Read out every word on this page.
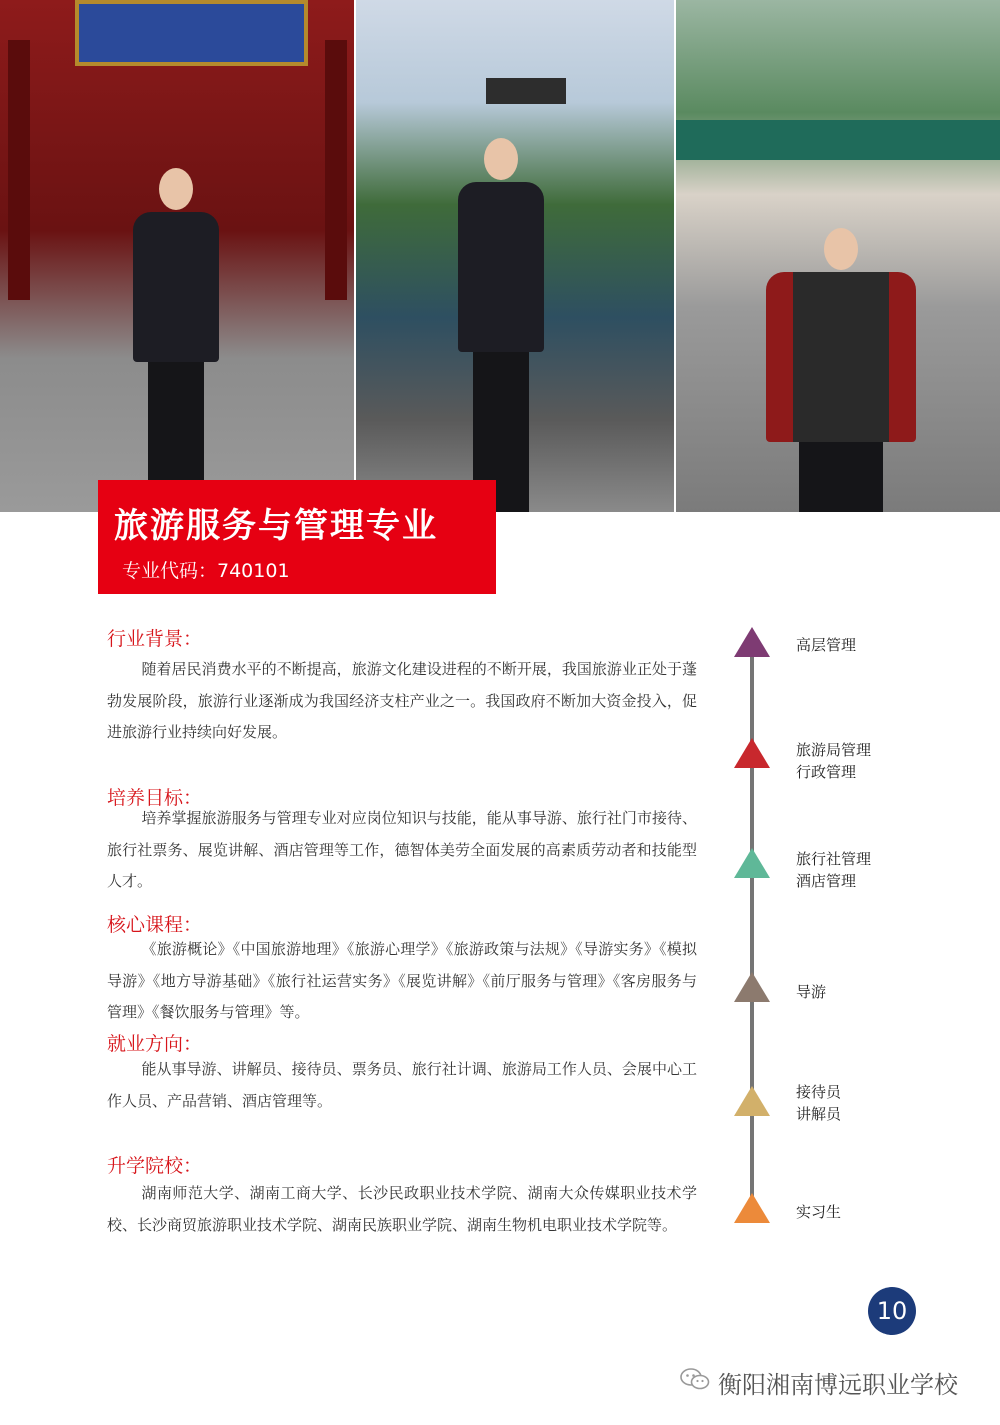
旅游服务与管理专业
专业代码：740101
行业背景：
随着居民消费水平的不断提高，旅游文化建设进程的不断开展，我国旅游业正处于蓬勃发展阶段，旅游行业逐渐成为我国经济支柱产业之一。我国政府不断加大资金投入，促进旅游行业持续向好发展。
培养目标：
培养掌握旅游服务与管理专业对应岗位知识与技能，能从事导游、旅行社门市接待、旅行社票务、展览讲解、酒店管理等工作，德智体美劳全面发展的高素质劳动者和技能型人才。
核心课程：
《旅游概论》《中国旅游地理》《旅游心理学》《旅游政策与法规》《导游实务》《模拟导游》《地方导游基础》《旅行社运营实务》《展览讲解》《前厅服务与管理》《客房服务与管理》《餐饮服务与管理》等。
就业方向：
能从事导游、讲解员、接待员、票务员、旅行社计调、旅游局工作人员、会展中心工作人员、产品营销、酒店管理等。
升学院校：
湖南师范大学、湖南工商大学、长沙民政职业技术学院、湖南大众传媒职业技术学校、长沙商贸旅游职业技术学院、湖南民族职业学院、湖南生物机电职业技术学院等。
高层管理
旅游局管理
行政管理
旅行社管理
酒店管理
导游
接待员
讲解员
实习生
10
衡阳湘南博远职业学校
